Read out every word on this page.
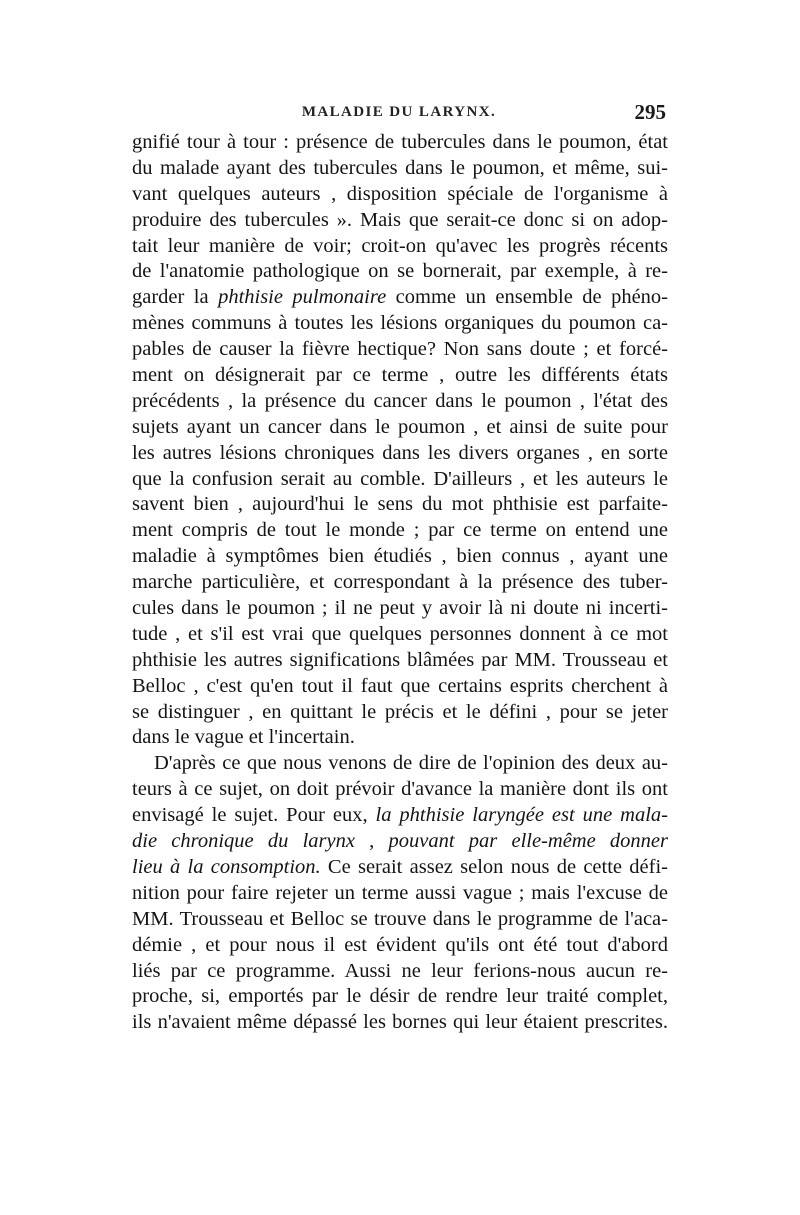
MALADIE DU LARYNX.	295
gnifié tour à tour : présence de tubercules dans le poumon, état
du malade ayant des tubercules dans le poumon, et même, sui-
vant quelques auteurs , disposition spéciale de l'organisme à
produire des tubercules ». Mais que serait-ce donc si on adop-
tait leur manière de voir; croit-on qu'avec les progrès récents
de l'anatomie pathologique on se bornerait, par exemple, à re-
garder la phthisie pulmonaire comme un ensemble de phéno-
mènes communs à toutes les lésions organiques du poumon ca-
pables de causer la fièvre hectique? Non sans doute ; et forcé-
ment on désignerait par ce terme , outre les différents états
précédents , la présence du cancer dans le poumon , l'état des
sujets ayant un cancer dans le poumon , et ainsi de suite pour
les autres lésions chroniques dans les divers organes , en sorte
que la confusion serait au comble. D'ailleurs , et les auteurs le
savent bien , aujourd'hui le sens du mot phthisie est parfaite-
ment compris de tout le monde ; par ce terme on entend une
maladie à symptômes bien étudiés , bien connus , ayant une
marche particulière, et correspondant à la présence des tuber-
cules dans le poumon ; il ne peut y avoir là ni doute ni incerti-
tude , et s'il est vrai que quelques personnes donnent à ce mot
phthisie les autres significations blâmées par MM. Trousseau et
Belloc , c'est qu'en tout il faut que certains esprits cherchent à
se distinguer , en quittant le précis et le défini , pour se jeter
dans le vague et l'incertain.
D'après ce que nous venons de dire de l'opinion des deux au-
teurs à ce sujet, on doit prévoir d'avance la manière dont ils ont
envisagé le sujet. Pour eux, la phthisie laryngée est une mala-
die chronique du larynx , pouvant par elle-même donner
lieu à la consomption. Ce serait assez selon nous de cette défi-
nition pour faire rejeter un terme aussi vague ; mais l'excuse de
MM. Trousseau et Belloc se trouve dans le programme de l'aca-
démie , et pour nous il est évident qu'ils ont été tout d'abord
liés par ce programme. Aussi ne leur ferions-nous aucun re-
proche, si, emportés par le désir de rendre leur traité complet,
ils n'avaient même dépassé les bornes qui leur étaient prescrites.
